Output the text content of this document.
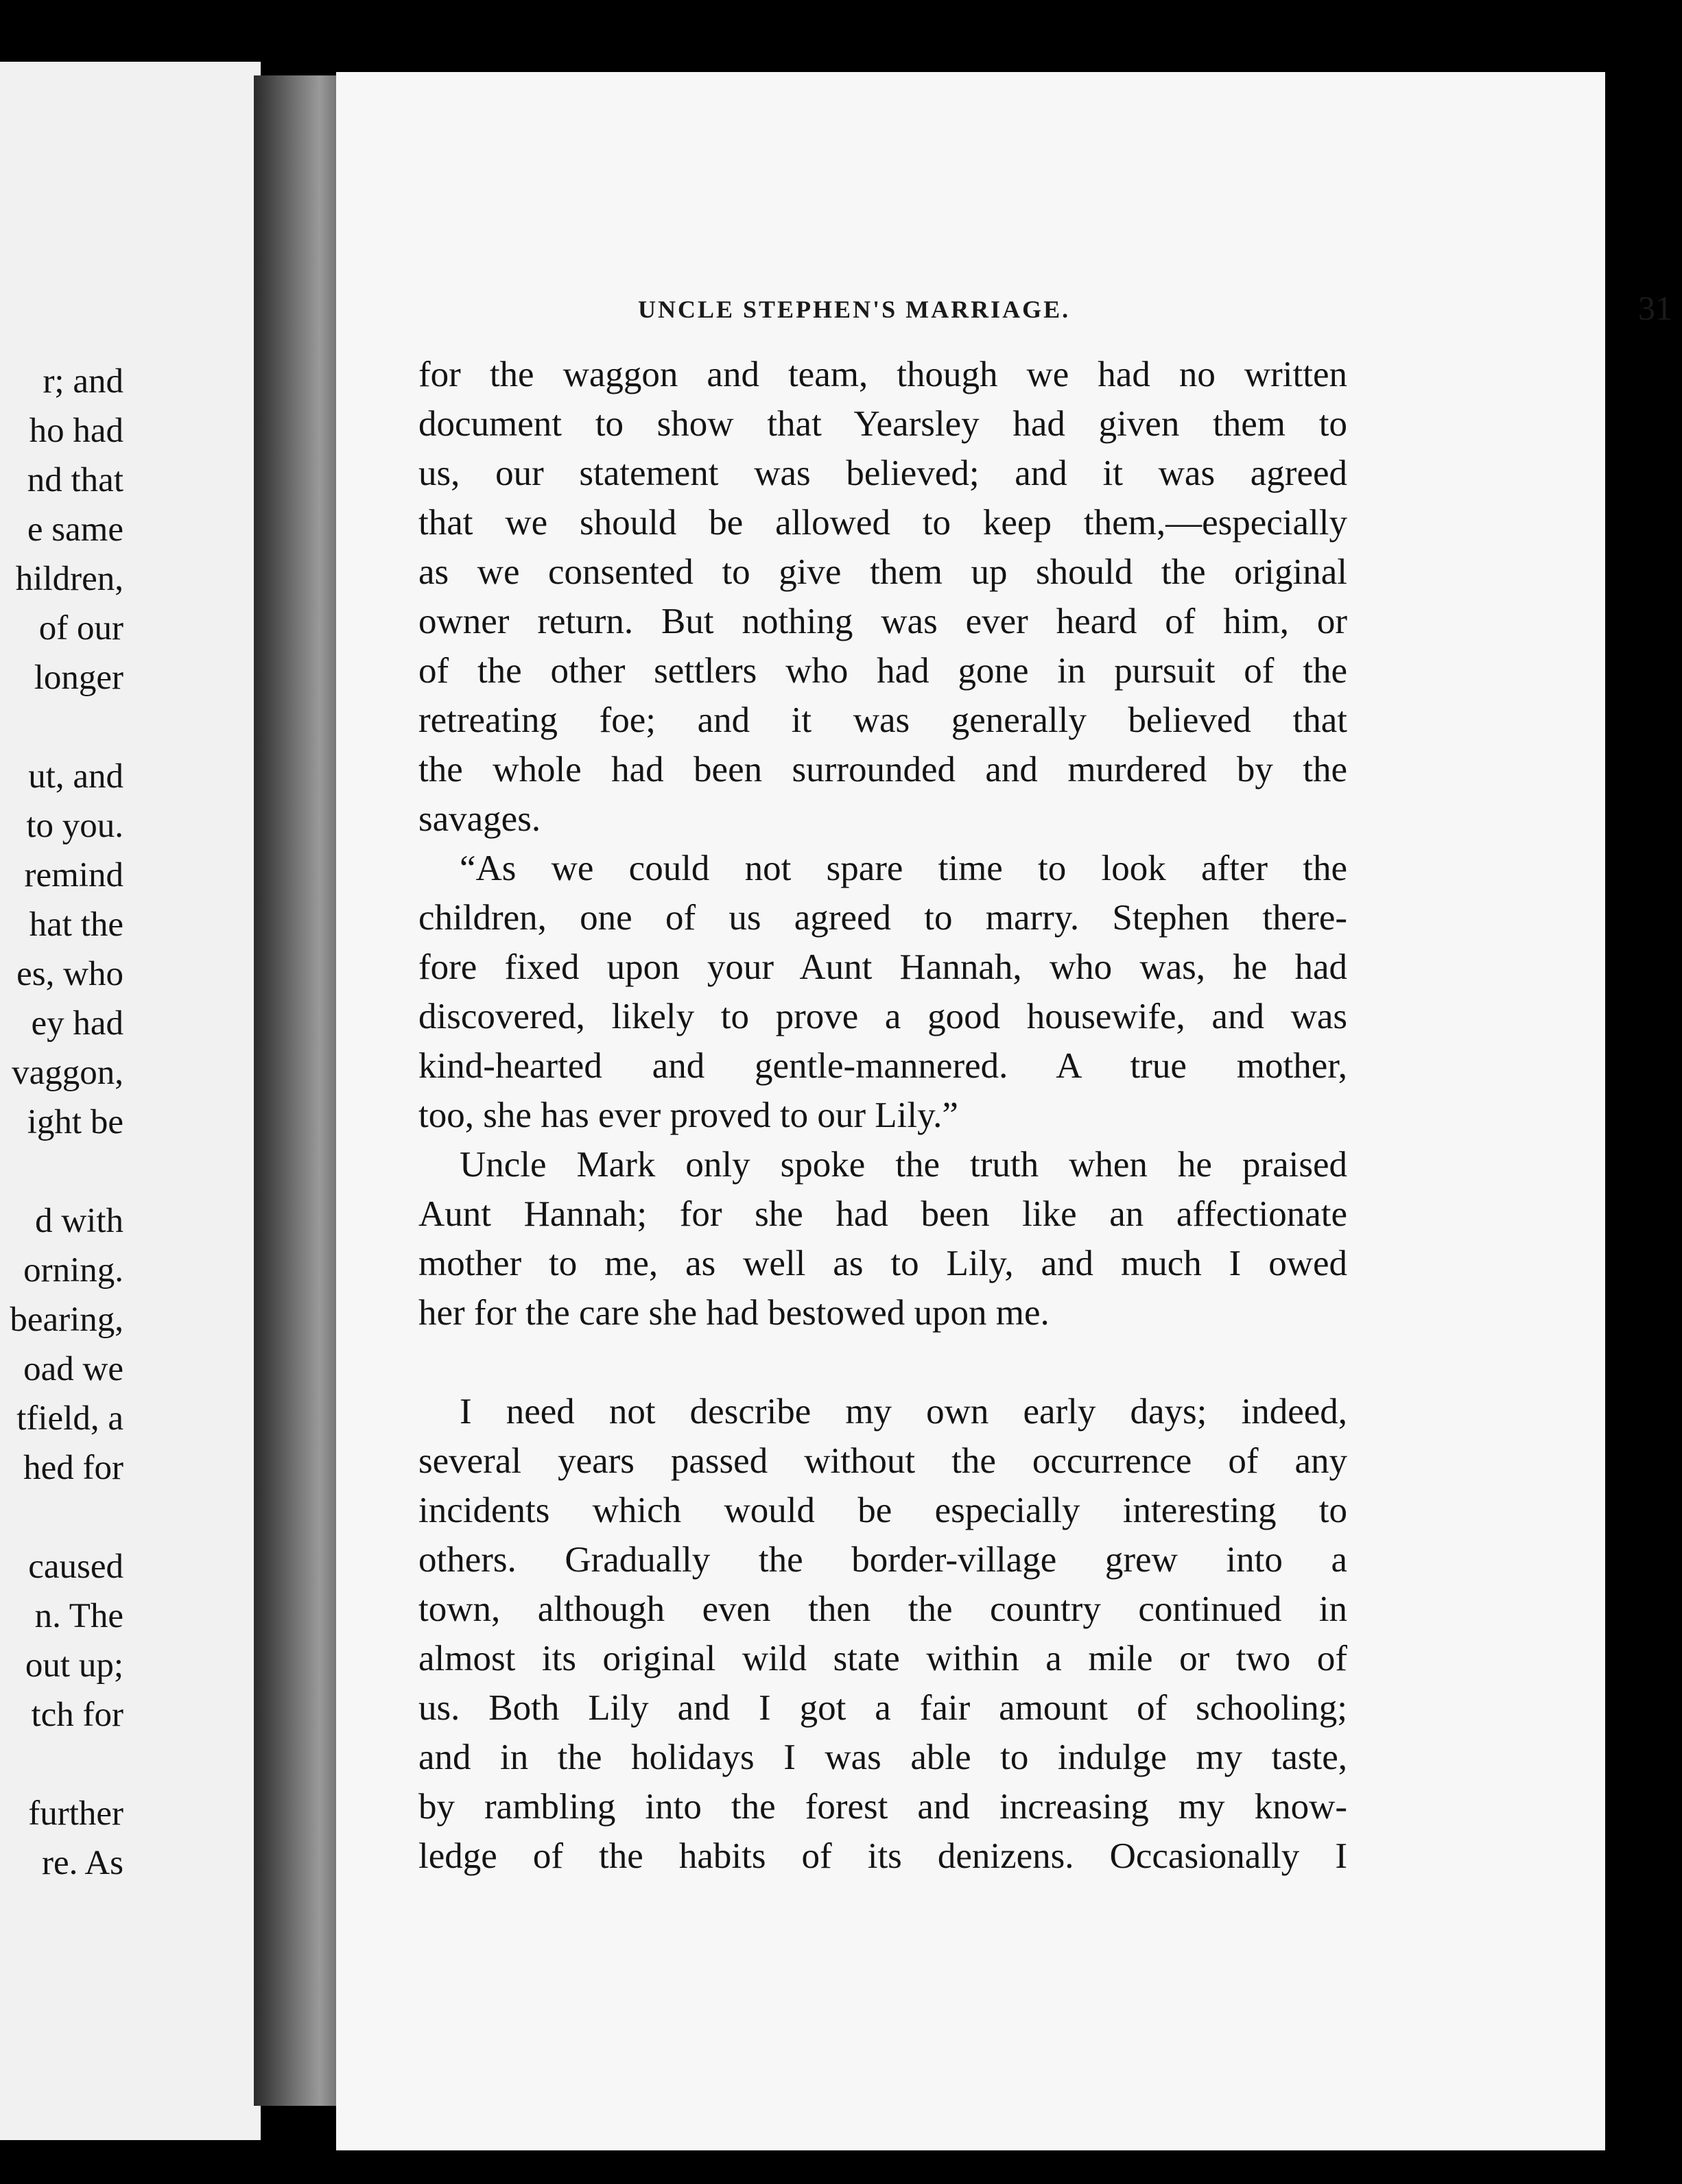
r; and
ho had
nd that
e same
hildren,
of our
longer
ut, and
to you.
remind
hat the
es, who
ey had
vaggon,
ight be
d with
orning.
bearing,
oad we
tfield, a
hed for
caused
n. The
out up;
tch for
further
re. As
UNCLE STEPHEN'S MARRIAGE.	31
for the waggon and team, though we had no written
document to show that Yearsley had given them to
us, our statement was believed; and it was agreed
that we should be allowed to keep them,—especially
as we consented to give them up should the original
owner return. But nothing was ever heard of him, or
of the other settlers who had gone in pursuit of the
retreating foe; and it was generally believed that
the whole had been surrounded and murdered by the
savages.
“As we could not spare time to look after the
children, one of us agreed to marry. Stephen there-
fore fixed upon your Aunt Hannah, who was, he had
discovered, likely to prove a good housewife, and was
kind-hearted and gentle-mannered. A true mother,
too, she has ever proved to our Lily.”
Uncle Mark only spoke the truth when he praised
Aunt Hannah; for she had been like an affectionate
mother to me, as well as to Lily, and much I owed
her for the care she had bestowed upon me.
I need not describe my own early days; indeed,
several years passed without the occurrence of any
incidents which would be especially interesting to
others. Gradually the border-village grew into a
town, although even then the country continued in
almost its original wild state within a mile or two of
us. Both Lily and I got a fair amount of schooling;
and in the holidays I was able to indulge my taste,
by rambling into the forest and increasing my know-
ledge of the habits of its denizens. Occasionally I
